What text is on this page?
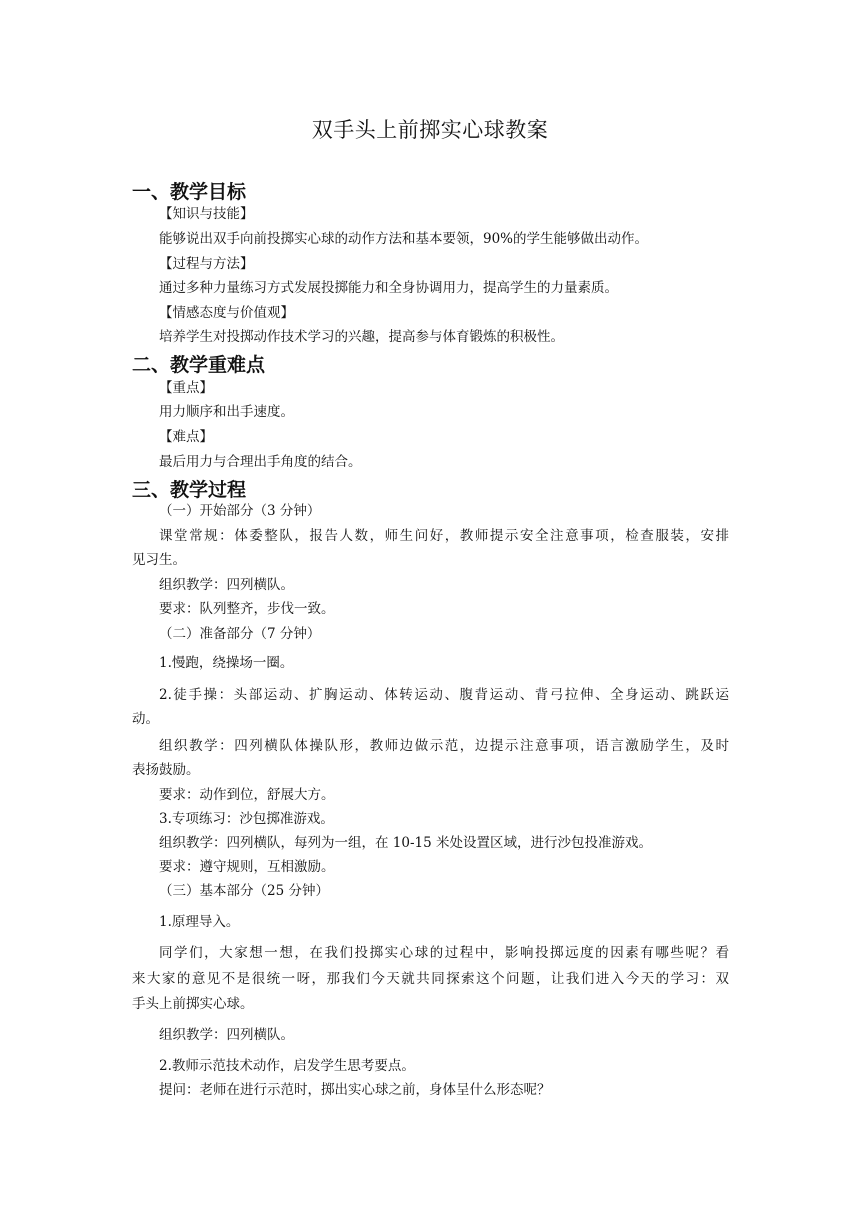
双手头上前掷实心球教案
一、教学目标
【知识与技能】
能够说出双手向前投掷实心球的动作方法和基本要领，90%的学生能够做出动作。
【过程与方法】
通过多种力量练习方式发展投掷能力和全身协调用力，提高学生的力量素质。
【情感态度与价值观】
培养学生对投掷动作技术学习的兴趣，提高参与体育锻炼的积极性。
二、教学重难点
【重点】
用力顺序和出手速度。
【难点】
最后用力与合理出手角度的结合。
三、教学过程
（一）开始部分（3 分钟）
课堂常规：体委整队，报告人数，师生问好，教师提示安全注意事项，检查服装，安排
见习生。
组织教学：四列横队。
要求：队列整齐，步伐一致。
（二）准备部分（7 分钟）
1.慢跑，绕操场一圈。
2.徒手操：头部运动、扩胸运动、体转运动、腹背运动、背弓拉伸、全身运动、跳跃运
动。
组织教学：四列横队体操队形，教师边做示范，边提示注意事项，语言激励学生，及时
表扬鼓励。
要求：动作到位，舒展大方。
3.专项练习：沙包掷准游戏。
组织教学：四列横队，每列为一组，在 10-15 米处设置区域，进行沙包投准游戏。
要求：遵守规则，互相激励。
（三）基本部分（25 分钟）
1.原理导入。
同学们，大家想一想，在我们投掷实心球的过程中，影响投掷远度的因素有哪些呢？看
来大家的意见不是很统一呀，那我们今天就共同探索这个问题，让我们进入今天的学习：双
手头上前掷实心球。
组织教学：四列横队。
2.教师示范技术动作，启发学生思考要点。
提问：老师在进行示范时，掷出实心球之前，身体呈什么形态呢？
